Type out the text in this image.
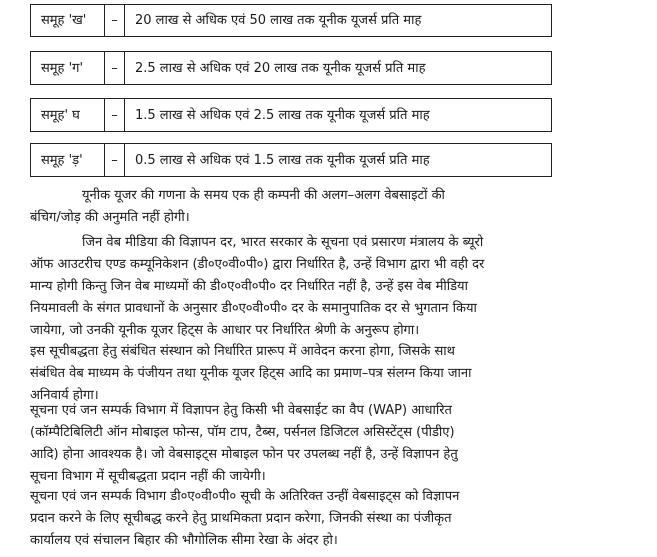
समूह 'ख'	–	20 लाख से अधिक एवं 50 लाख तक यूनीक यूजर्स प्रति माह
समूह 'ग'	–	2.5 लाख से अधिक एवं 20 लाख तक यूनीक यूजर्स प्रति माह
समूह' घ	–	1.5 लाख से अधिक एवं 2.5 लाख तक यूनीक यूजर्स प्रति माह
समूह 'ड़'	–	0.5 लाख से अधिक एवं 1.5 लाख तक यूनीक यूजर्स प्रति माह
यूनीक यूजर की गणना के समय एक ही कम्पनी की अलग–अलग वेबसाइटों की
बंचिग/जोड़ की अनुमति नहीं होगी।
जिन वेब मीडिया की विज्ञापन दर, भारत सरकार के सूचना एवं प्रसारण मंत्रालय के ब्यूरो
ऑफ आउटरीच एण्ड कम्यूनिकेशन (डी०ए०वी०पी०) द्वारा निर्धारित है, उन्हें विभाग द्वारा भी वही दर
मान्य होगी किन्तु जिन वेब माध्यमों की डी०ए०वी०पी० दर निर्धारित नहीं है, उन्हें इस वेब मीडिया
नियमावली के संगत प्रावधानों के अनुसार डी०ए०वी०पी० दर के समानुपातिक दर से भुगतान किया
जायेगा, जो उनकी यूनीक यूजर हिट्स के आधार पर निर्धारित श्रेणी के अनुरूप होगा।
इस सूचीबद्धता हेतु संबंधित संस्थान को निर्धारित प्रारूप में आवेदन करना होगा, जिसके साथ
संबंधित वेब माध्यम के पंजीयन तथा यूनीक यूजर हिट्स आदि का प्रमाण–पत्र संलग्न किया जाना
अनिवार्य होगा।
सूचना एवं जन सम्पर्क विभाग में विज्ञापन हेतु किसी भी वेबसाईट का वैप (WAP) आधारित
(कॉम्पैटिबिलिटी ऑन मोबाइल फोन्स, पॉम टाप, टैब्स, पर्सनल डिजिटल असिस्टेंट्स (पीडीए)
आदि) होना आवश्यक है। जो वेबसाइट्स मोबाइल फोन पर उपलब्ध नहीं है, उन्हें विज्ञापन हेतु
सूचना विभाग में सूचीबद्धता प्रदान नहीं की जायेगी।
सूचना एवं जन सम्पर्क विभाग डी०ए०वी०पी० सूची के अतिरिक्त उन्हीं वेबसाइट्स को विज्ञापन
प्रदान करने के लिए सूचीबद्ध करने हेतु प्राथमिकता प्रदान करेगा, जिनकी संस्था का पंजीकृत
कार्यालय एवं संचालन बिहार की भौगोलिक सीमा रेखा के अंदर हो।
